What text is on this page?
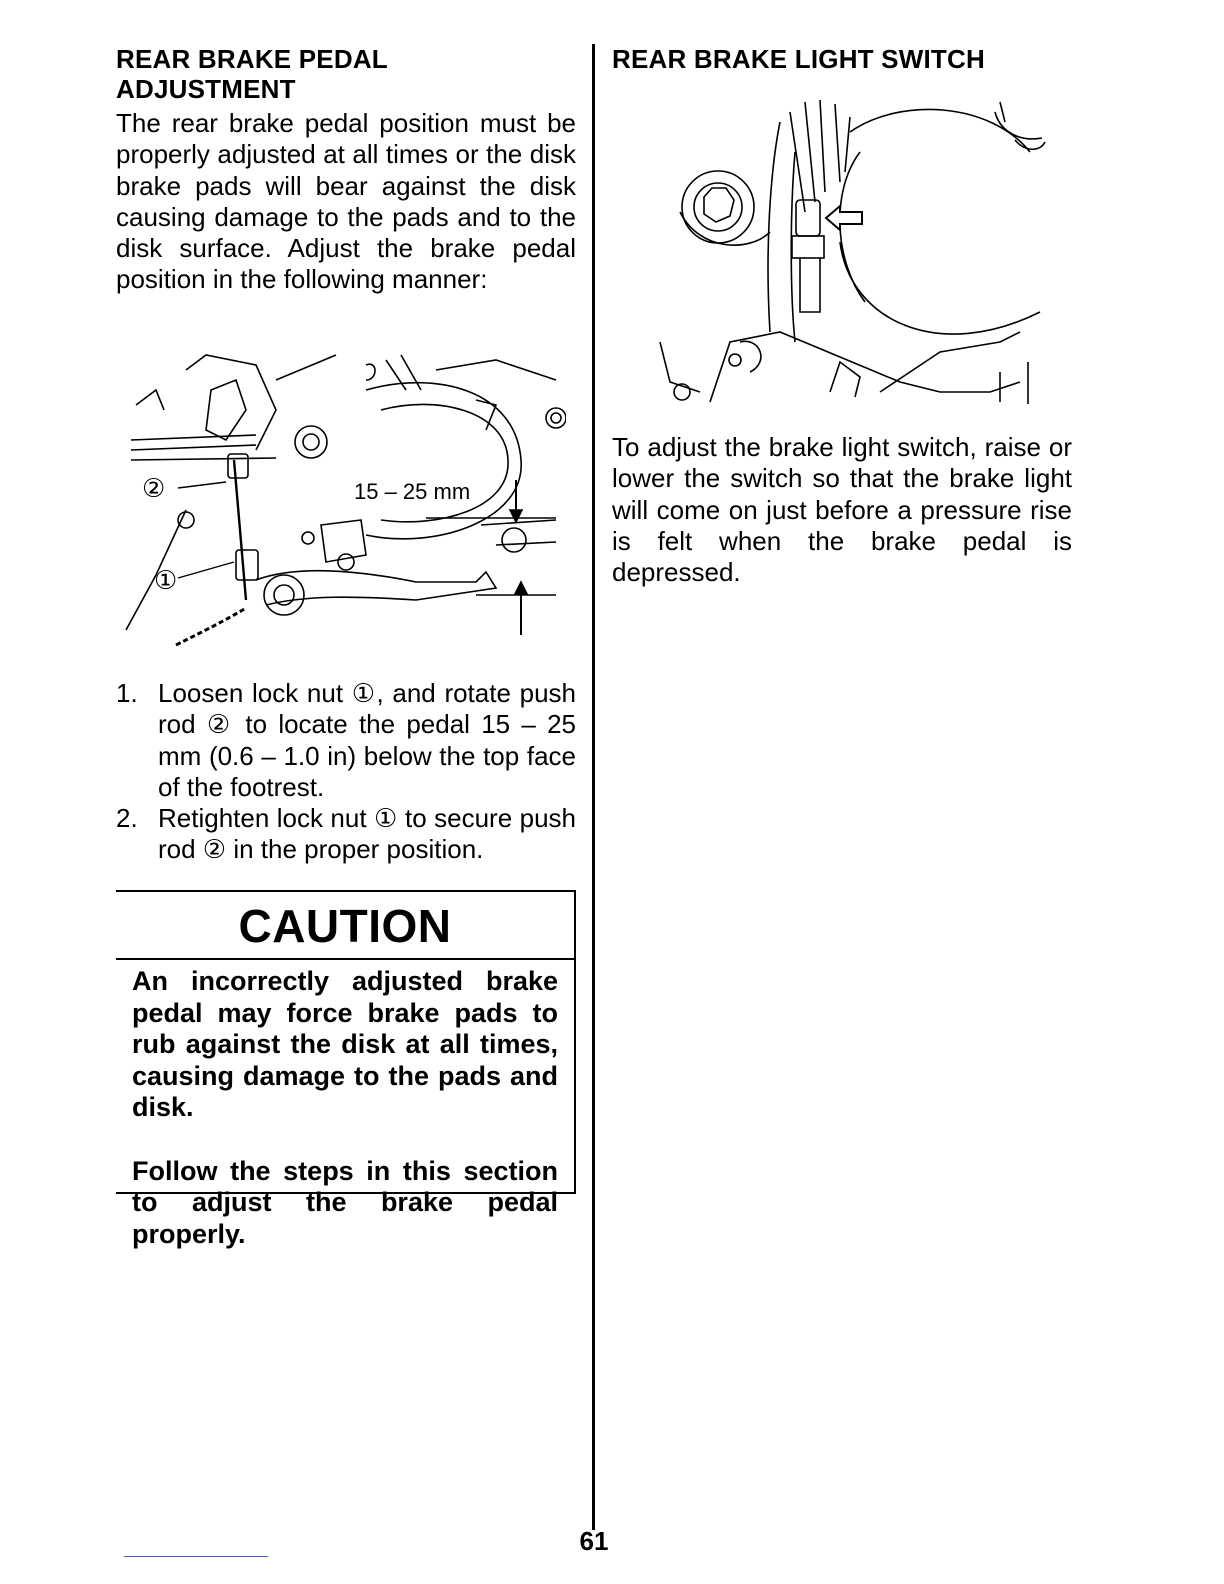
REAR BRAKE PEDAL
ADJUSTMENT

The rear brake pedal position must be properly adjusted at all times or the disk brake pads will bear against the disk causing damage to the pads and to the disk surface. Adjust the brake pedal position in the following manner:

②
①
15 – 25 mm
1. Loosen lock nut ①, and rotate push rod ② to locate the pedal 15 – 25 mm (0.6 – 1.0 in) below the top face of the footrest.
2. Retighten lock nut ① to secure push rod ② in the proper position.
CAUTION

An incorrectly adjusted brake pedal may force brake pads to rub against the disk at all times, causing damage to the pads and disk.

Follow the steps in this section to adjust the brake pedal properly.

REAR BRAKE LIGHT SWITCH

To adjust the brake light switch, raise or lower the switch so that the brake light will come on just before a pressure rise is felt when the brake pedal is depressed.

61
